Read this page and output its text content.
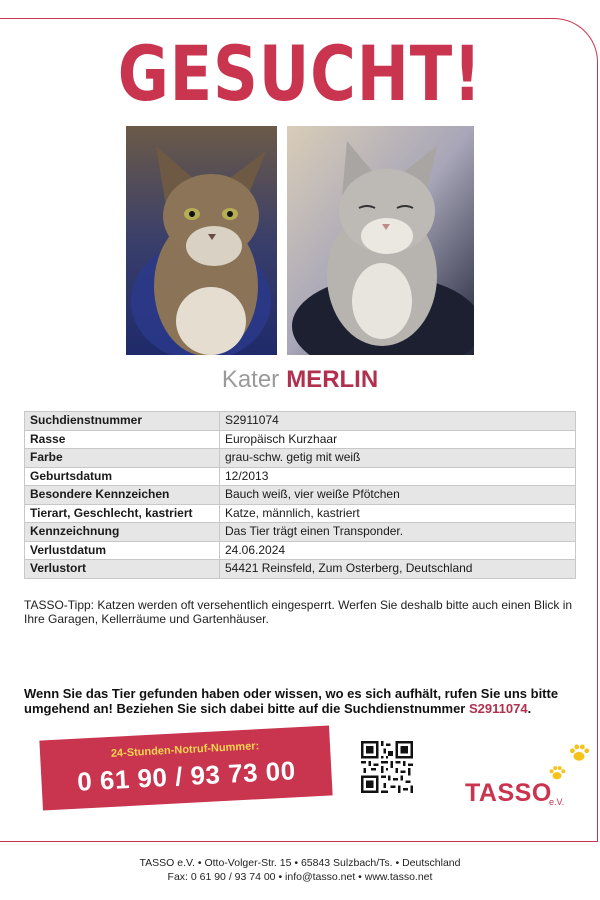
GESUCHT!
Kater MERLIN
Suchdienstnummer	S2911074
Rasse	Europäisch Kurzhaar
Farbe	grau-schw. getig mit weiß
Geburtsdatum	12/2013
Besondere Kennzeichen	Bauch weiß, vier weiße Pfötchen
Tierart, Geschlecht, kastriert	Katze, männlich, kastriert
Kennzeichnung	Das Tier trägt einen Transponder.
Verlustdatum	24.06.2024
Verlustort	54421 Reinsfeld, Zum Osterberg, Deutschland
TASSO-Tipp: Katzen werden oft versehentlich eingesperrt. Werfen Sie deshalb bitte auch einen Blick in Ihre Garagen, Kellerräume und Gartenhäuser.
Wenn Sie das Tier gefunden haben oder wissen, wo es sich aufhält, rufen Sie uns bitte umgehend an! Beziehen Sie sich dabei bitte auf die Suchdienstnummer S2911074.
24-Stunden-Notruf-Nummer:
0 61 90 / 93 73 00	TASSO
e.V.
TASSO e.V. • Otto-Volger-Str. 15 • 65843 Sulzbach/Ts. • Deutschland
Fax: 0 61 90 / 93 74 00 • info@tasso.net • www.tasso.net
